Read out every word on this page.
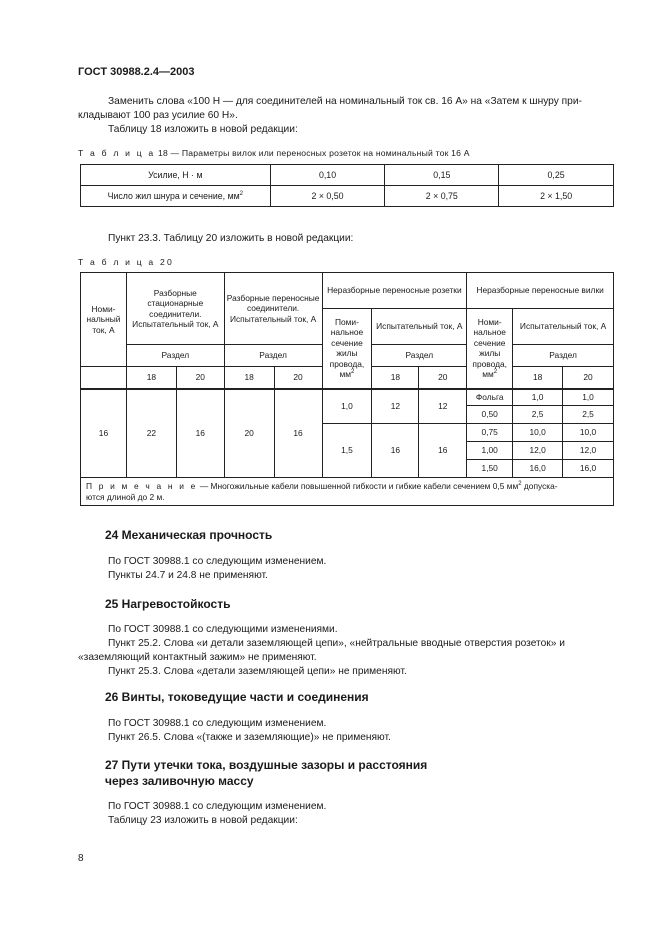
ГОСТ 30988.2.4—2003
Заменить слова «100 Н — для соединителей на номинальный ток св. 16 А» на «Затем к шнуру при-
кладывают 100 раз усилие 60 Н».
Таблицу 18 изложить в новой редакции:
Т а б л и ц а 18 — Параметры вилок или переносных розеток на номинальный ток 16 А
Усилие, Н · м	0,10	0,15	0,25
Число жил шнура и сечение, $мм^2$	2 × 0,50	2 × 0,75	2 × 1,50
Пункт 23.3. Таблицу 20 изложить в новой редакции:
Т а б л и ц а 20
Номи-нальный ток, А	Разборные стационарные соединители. Испытательный ток, А		Разборные переносные соединители. Испытательный ток, А		Неразборные переносные розетки			Неразборные переносные вилки		
					Поми-нальное сечение жилы провода, $мм^2$	Испытательный ток, А		Номи-нальное сечение жилы провода, $мм^2$	Испытательный ток, А	
	Раздел		Раздел			Раздел			Раздел	
	18	20	18	20		18	20		18	20
16	22	16	20	16	1,0	12	12	Фольга	1,0	1,0
								0,50	2,5	2,5
					1,5	16	16	0,75	10,0	10,0
								1,00	12,0	12,0
								1,50	16,0	16,0
П р и м е ч а н и е — Многожильные кабели повышенной гибкости и гибкие кабели сечением 0,5 $мм^2$ допуска-
ются длиной до 2 м.										
24 Механическая прочность
По ГОСТ 30988.1 со следующим изменением.
Пункты 24.7 и 24.8 не применяют.
25 Нагревостойкость
По ГОСТ 30988.1 со следующими изменениями.
Пункт 25.2. Слова «и детали заземляющей цепи», «нейтральные вводные отверстия розеток» и
«заземляющий контактный зажим» не применяют.
Пункт 25.3. Слова «детали заземляющей цепи» не применяют.
26 Винты, токоведущие части и соединения
По ГОСТ 30988.1 со следующим изменением.
Пункт 26.5. Слова «(также и заземляющие)» не применяют.
27 Пути утечки тока, воздушные зазоры и расстояния
через заливочную массу
По ГОСТ 30988.1 со следующим изменением.
Таблицу 23 изложить в новой редакции:
8
